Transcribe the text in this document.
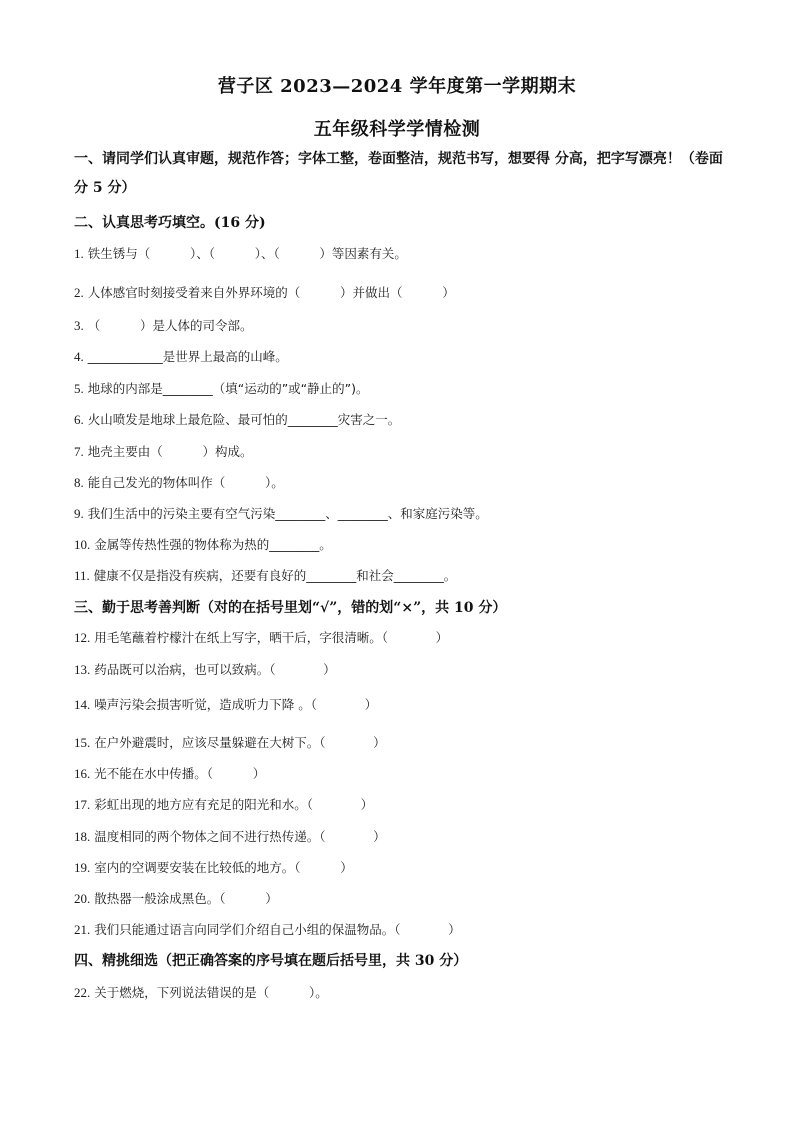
营子区 2023—2024 学年度第一学期期末
五年级科学学情检测
一、请同学们认真审题，规范作答；字体工整，卷面整洁，规范书写，想要得 分高，把字写漂亮！（卷面分 5 分）
二、认真思考巧填空。(16 分)
1. 铁生锈与（          ）、（          ）、（          ）等因素有关。
2. 人体感官时刻接受着来自外界环境的（          ）并做出（          ）
3. （          ）是人体的司令部。
4. ____________是世界上最高的山峰。
5. 地球的内部是________（填“运动的”或“静止的”)。
6. 火山喷发是地球上最危险、最可怕的________灾害之一。
7. 地壳主要由（          ）构成。
8. 能自己发光的物体叫作（          ）。
9. 我们生活中的污染主要有空气污染________、________、和家庭污染等。
10. 金属等传热性强的物体称为热的________。
11. 健康不仅是指没有疾病，还要有良好的________和社会________。
三、勤于思考善判断（对的在括号里划“√”，错的划“×”，共 10 分）
12. 用毛笔蘸着柠檬汁在纸上写字，晒干后，字很清晰。（            ）
13. 药品既可以治病，也可以致病。（            ）
14. 噪声污染会损害听觉，造成听力下降 。（            ）
15. 在户外避震时，应该尽量躲避在大树下。（            ）
16. 光不能在水中传播。（          ）
17. 彩虹出现的地方应有充足的阳光和水。（            ）
18. 温度相同的两个物体之间不进行热传递。（            ）
19. 室内的空调要安装在比较低的地方。（          ）
20. 散热器一般涂成黑色。（          ）
21. 我们只能通过语言向同学们介绍自己小组的保温物品。（            ）
四、精挑细选（把正确答案的序号填在题后括号里，共 30 分）
22. 关于燃烧，下列说法错误的是（          ）。
